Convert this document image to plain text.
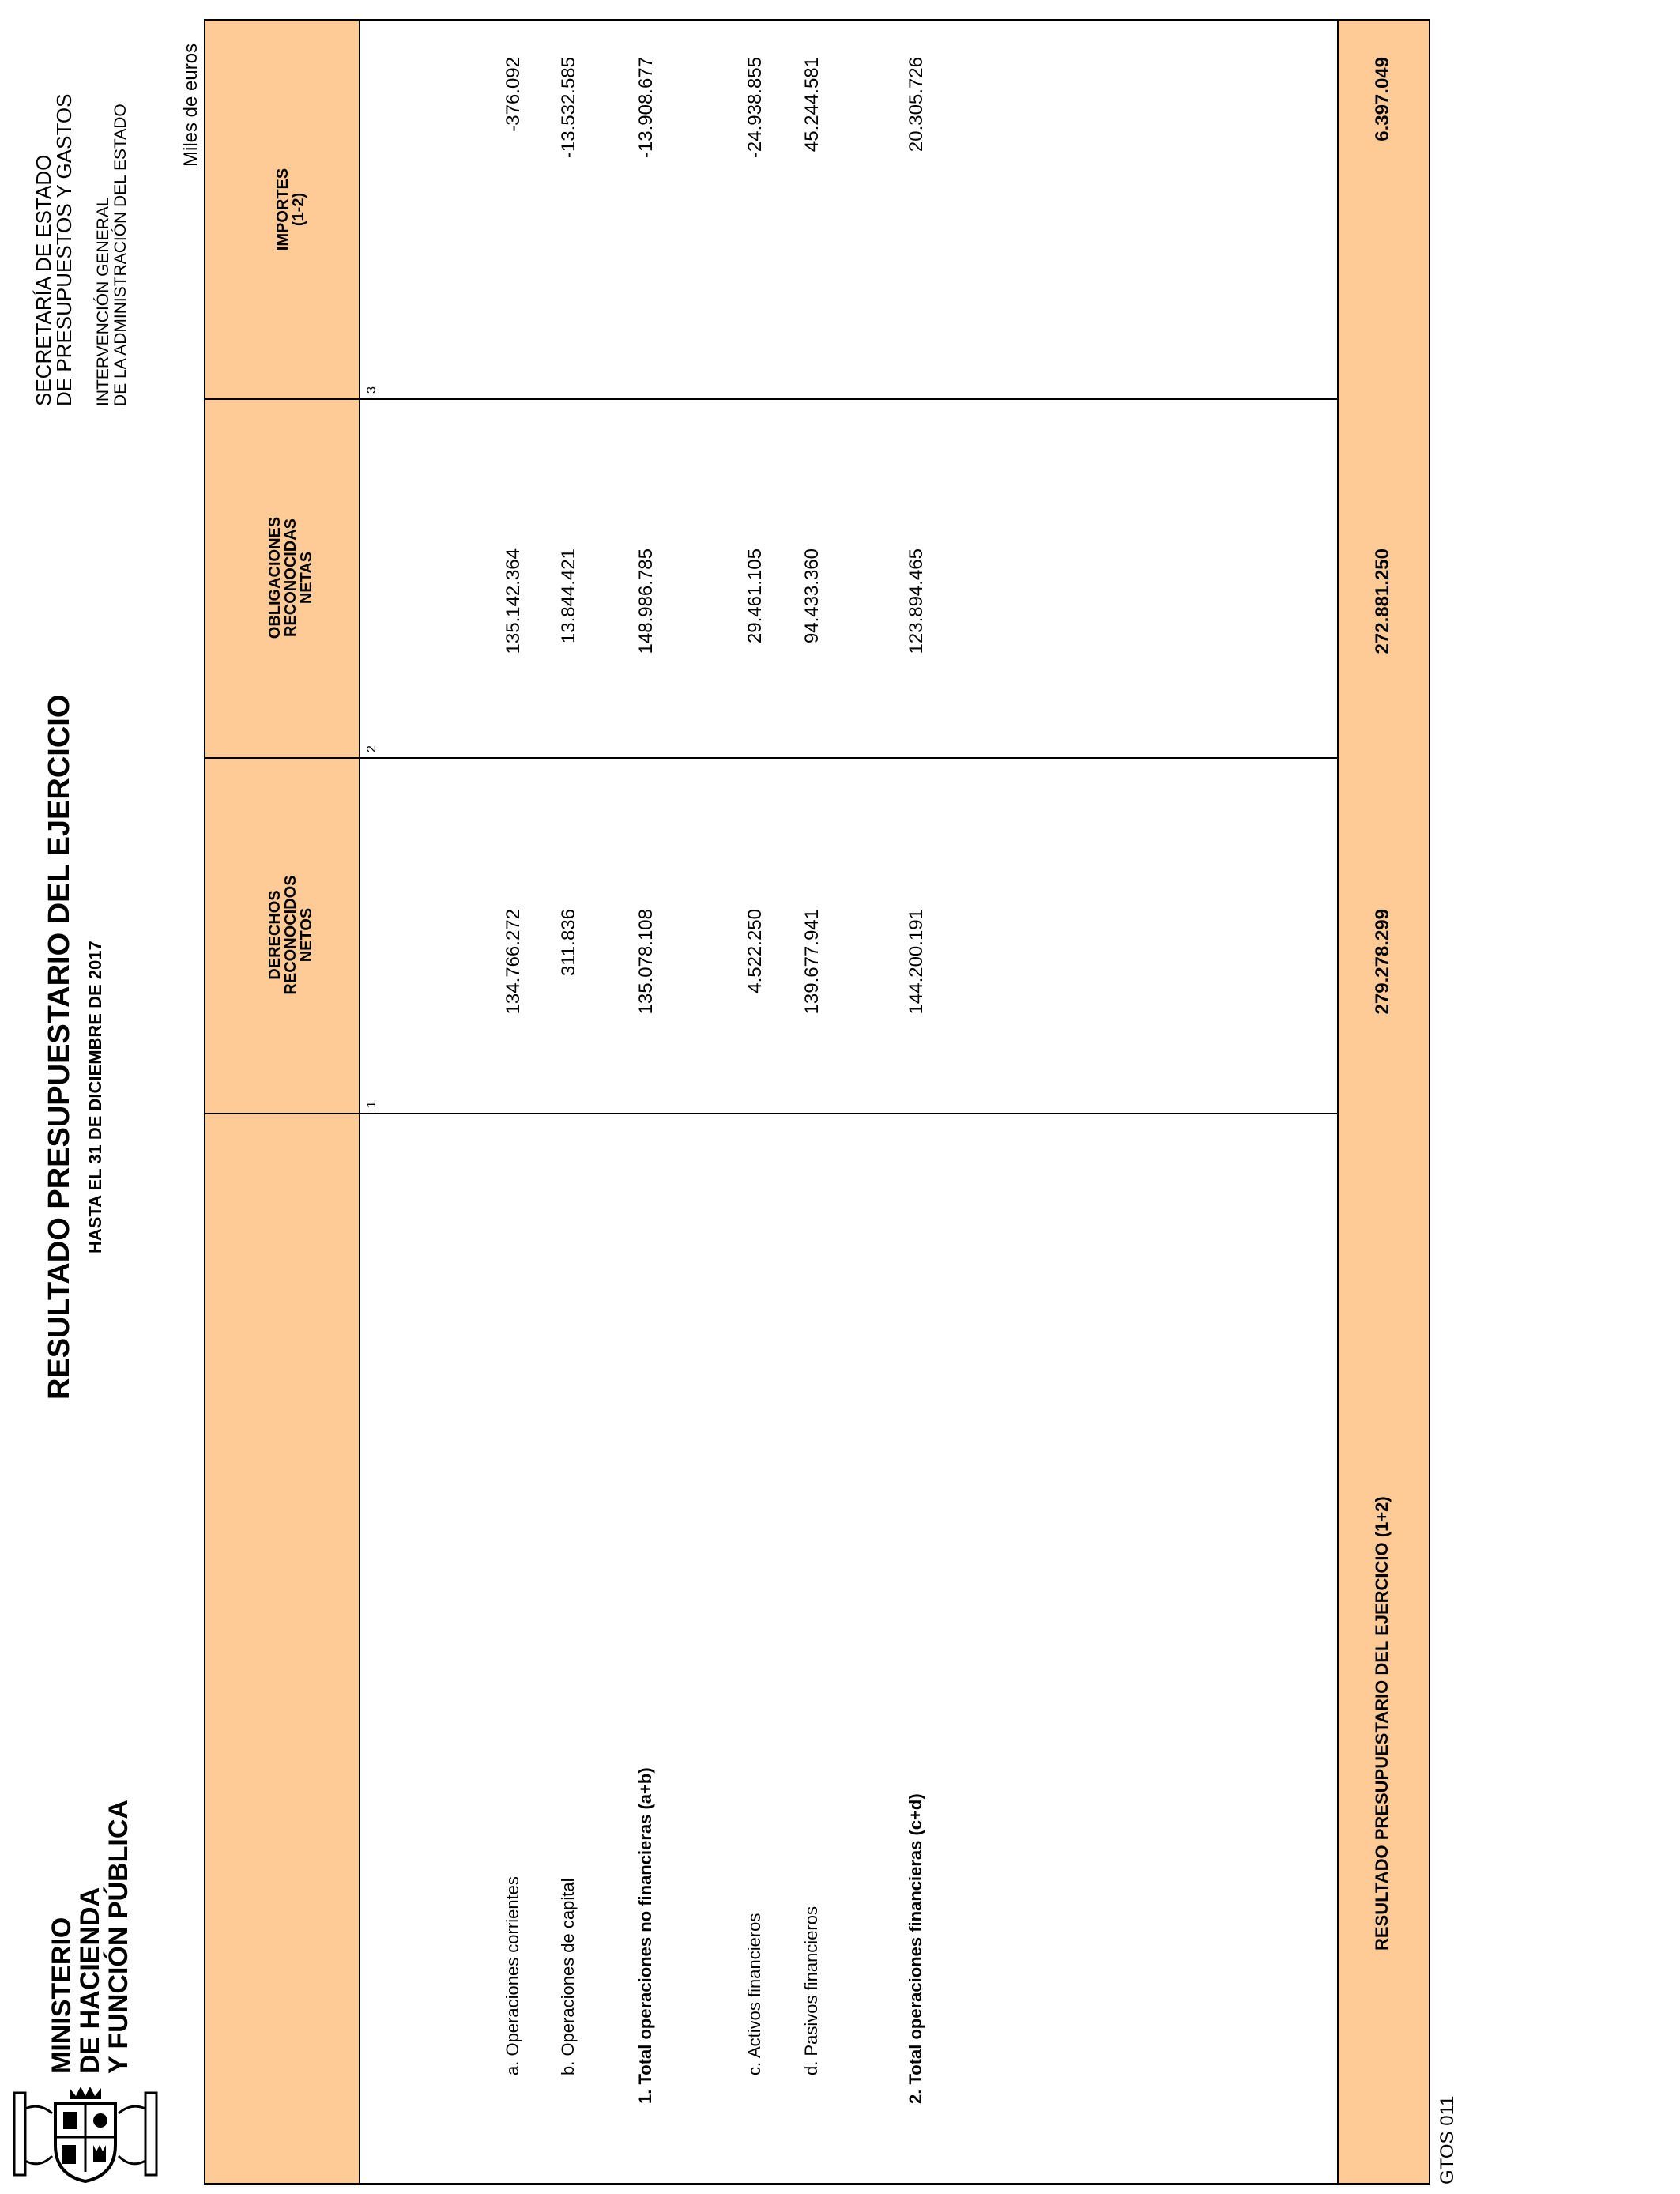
MINISTERIO
DE HACIENDA
Y FUNCIÓN PÚBLICA
RESULTADO PRESUPUESTARIO DEL EJERCICIO HASTA EL 31 DE DICIEMBRE DE 2017
SECRETARÍA DE ESTADO
DE PRESUPUESTOS Y GASTOS INTERVENCIÓN GENERAL DE LA ADMINISTRACIÓN DEL ESTADO	Miles de euros
DERECHOS
RECONOCIDOS
NETOS
OBLIGACIONES
RECONOCIDAS
NETAS
IMPORTES
(1-2)
1
2
3
a. Operaciones corrientes
134.766.272
135.142.364
-376.092
b. Operaciones de capital
311.836
13.844.421
-13.532.585
1. Total operaciones no financieras (a+b)
135.078.108
148.986.785
-13.908.677
c. Activos financieros
4.522.250
29.461.105
-24.938.855
d. Pasivos financieros
139.677.941
94.433.360
45.244.581
2. Total operaciones financieras (c+d)
144.200.191
123.894.465
20.305.726
RESULTADO PRESUPUESTARIO DEL EJERCICIO (1+2)
279.278.299
272.881.250
6.397.049
GTOS 011
